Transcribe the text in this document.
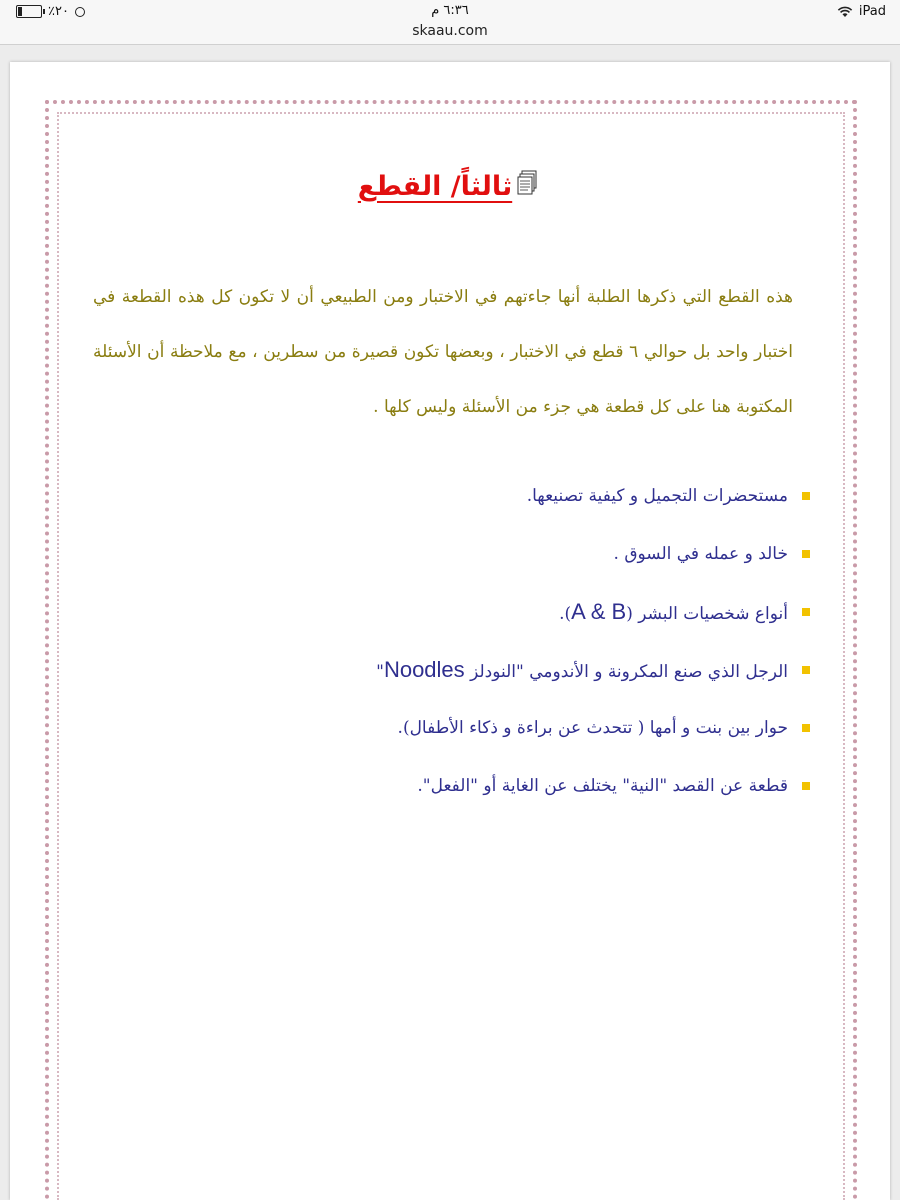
٪٢٠	٦:٣٦ م
skaau.com
iPad
ثالثاً/ القطع
هذه القطع التي ذكرها الطلبة أنها جاءتهم في الاختبار ومن الطبيعي أن لا تكون كل هذه القطعة في اختبار واحد بل حوالي ٦ قطع في الاختبار ، وبعضها تكون قصيرة من سطرين ، مع ملاحظة أن الأسئلة المكتوبة هنا على كل قطعة هي جزء من الأسئلة وليس كلها .
مستحضرات التجميل و كيفية تصنيعها.
خالد و عمله في السوق .
أنواع شخصيات البشر (A & B).
الرجل الذي صنع المكرونة و الأندومي "النودلز Noodles"
حوار بين بنت و أمها ( تتحدث عن براءة و ذكاء الأطفال).
قطعة عن القصد "النية" يختلف عن الغاية أو "الفعل".
